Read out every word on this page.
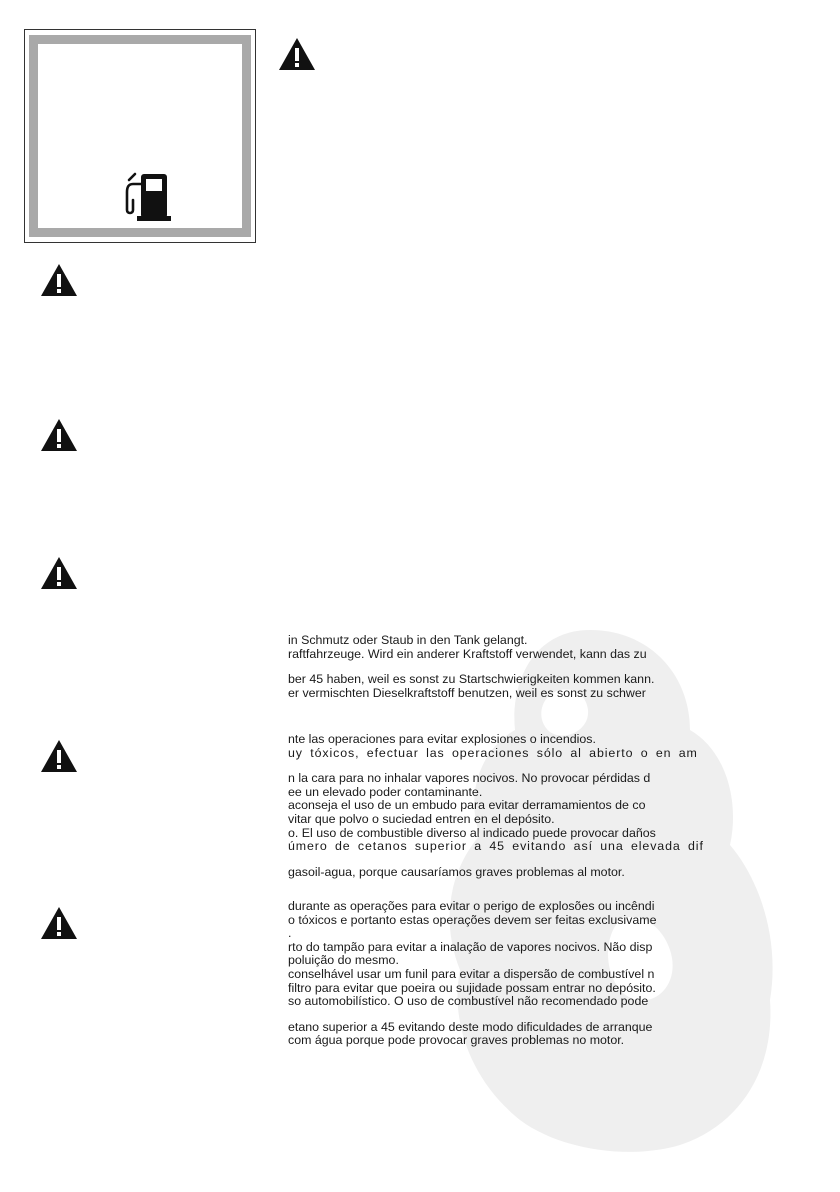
in Schmutz oder Staub in den Tank gelangt.
raftfahrzeuge. Wird ein anderer Kraftstoff verwendet, kann das zu
ber 45 haben, weil es sonst zu Startschwierigkeiten kommen kann.
er vermischten Dieselkraftstoff benutzen, weil es sonst zu schwer
nte las operaciones para evitar explosiones o incendios.
uy tóxicos, efectuar las operaciones sólo al abierto o en am
n la cara para no inhalar vapores nocivos. No provocar pérdidas d
ee un elevado poder contaminante.
aconseja el uso de un embudo para evitar derramamientos de co
vitar que polvo o suciedad entren en el depósito.
o. El uso de combustible diverso al indicado puede provocar daños
úmero de cetanos superior a 45 evitando así una elevada dif
gasoil-agua, porque causaríamos graves problemas al motor.
durante as operações para evitar o perigo de explosões ou incêndi
o tóxicos e portanto estas operações devem ser feitas exclusivame
.
rto do tampão para evitar a inalação de vapores nocivos. Não disp
poluição do mesmo.
conselhável usar um funil para evitar a dispersão de combustível n
filtro para evitar que poeira ou sujidade possam entrar no depósito.
so automobilístico. O uso de combustível não recomendado pode
etano superior a 45 evitando deste modo dificuldades de arranque
com água porque pode provocar graves problemas no motor.
